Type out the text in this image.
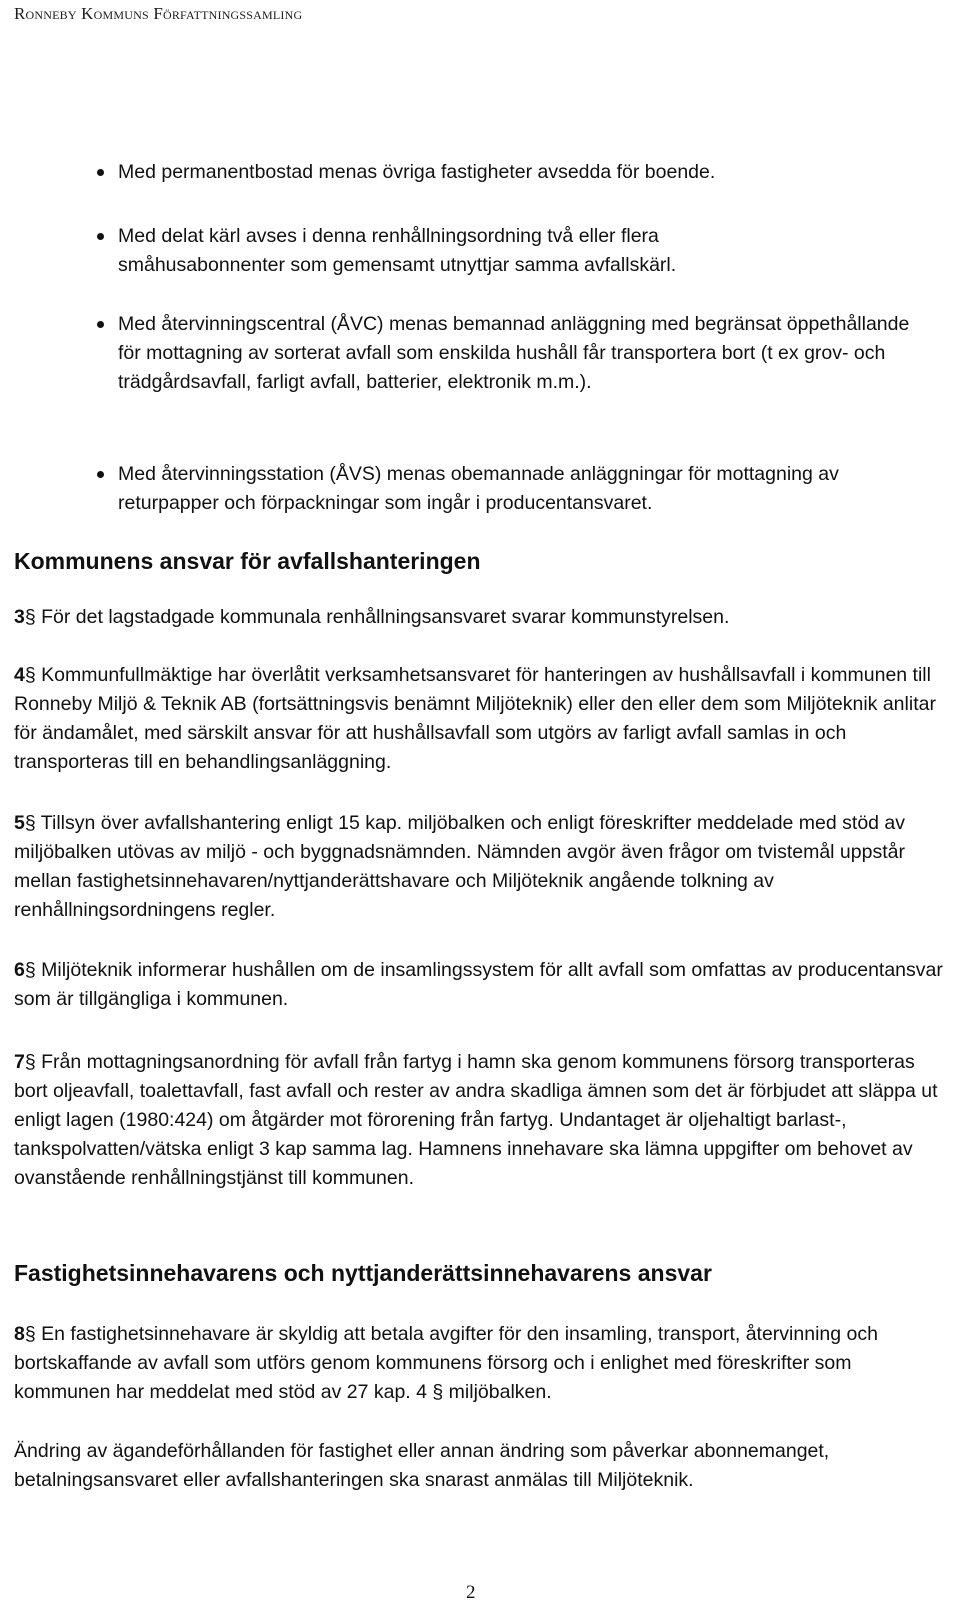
Ronneby Kommuns Författningssamling
Med permanentbostad menas övriga fastigheter avsedda för boende.
Med delat kärl avses i denna renhållningsordning två eller flera småhusabonnenter som gemensamt utnyttjar samma avfallskärl.
Med återvinningscentral (ÅVC) menas bemannad anläggning med begränsat öppethållande för mottagning av sorterat avfall som enskilda hushåll får transportera bort (t ex grov- och trädgårdsavfall, farligt avfall, batterier, elektronik m.m.).
Med återvinningsstation (ÅVS) menas obemannade anläggningar för mottagning av returpapper och förpackningar som ingår i producentansvaret.
Kommunens ansvar för avfallshanteringen
3§ För det lagstadgade kommunala renhållningsansvaret svarar kommunstyrelsen.
4§ Kommunfullmäktige har överlåtit verksamhetsansvaret för hanteringen av hushållsavfall i kommunen till Ronneby Miljö & Teknik AB (fortsättningsvis benämnt Miljöteknik) eller den eller dem som Miljöteknik anlitar för ändamålet, med särskilt ansvar för att hushållsavfall som utgörs av farligt avfall samlas in och transporteras till en behandlingsanläggning.
5§ Tillsyn över avfallshantering enligt 15 kap. miljöbalken och enligt föreskrifter meddelade med stöd av miljöbalken utövas av miljö - och byggnadsnämnden. Nämnden avgör även frågor om tvistemål uppstår mellan fastighetsinnehavaren/nyttjanderättshavare och Miljöteknik angående tolkning av renhållningsordningens regler.
6§ Miljöteknik informerar hushållen om de insamlingssystem för allt avfall som omfattas av producentansvar som är tillgängliga i kommunen.
7§ Från mottagningsanordning för avfall från fartyg i hamn ska genom kommunens försorg transporteras bort oljeavfall, toalettavfall, fast avfall och rester av andra skadliga ämnen som det är förbjudet att släppa ut enligt lagen (1980:424) om åtgärder mot förorening från fartyg. Undantaget är oljehaltigt barlast-, tankspolvatten/vätska enligt 3 kap samma lag. Hamnens innehavare ska lämna uppgifter om behovet av ovanstående renhållningstjänst till kommunen.
Fastighetsinnehavarens och nyttjanderättsinnehavarens ansvar
8§ En fastighetsinnehavare är skyldig att betala avgifter för den insamling, transport, återvinning och bortskaffande av avfall som utförs genom kommunens försorg och i enlighet med föreskrifter som kommunen har meddelat med stöd av 27 kap. 4 § miljöbalken.
Ändring av ägandeförhållanden för fastighet eller annan ändring som påverkar abonnemanget, betalningsansvaret eller avfallshanteringen ska snarast anmälas till Miljöteknik.
2
